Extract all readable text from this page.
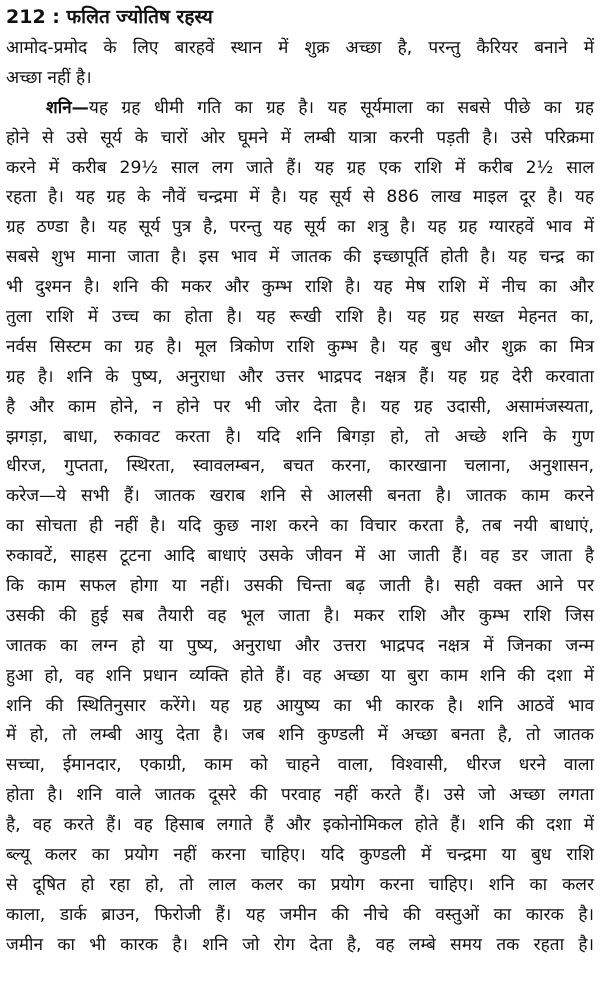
212 : फलित ज्योतिष रहस्य
आमोद-प्रमोद के लिए बारहवें स्थान में शुक्र अच्छा है, परन्तु कैरियर बनाने में
अच्छा नहीं है।
शनि—यह ग्रह धीमी गति का ग्रह है। यह सूर्यमाला का सबसे पीछे का ग्रह
होने से उसे सूर्य के चारों ओर घूमने में लम्बी यात्रा करनी पड़ती है। उसे परिक्रमा
करने में करीब 29½ साल लग जाते हैं। यह ग्रह एक राशि में करीब 2½ साल
रहता है। यह ग्रह के नौवें चन्द्रमा में है। यह सूर्य से 886 लाख माइल दूर है। यह
ग्रह ठण्डा है। यह सूर्य पुत्र है, परन्तु यह सूर्य का शत्रु है। यह ग्रह ग्यारहवें भाव में
सबसे शुभ माना जाता है। इस भाव में जातक की इच्छापूर्ति होती है। यह चन्द्र का
भी दुश्मन है। शनि की मकर और कुम्भ राशि है। यह मेष राशि में नीच का और
तुला राशि में उच्च का होता है। यह रूखी राशि है। यह ग्रह सख्त मेहनत का,
नर्वस सिस्टम का ग्रह है। मूल त्रिकोण राशि कुम्भ है। यह बुध और शुक्र का मित्र
ग्रह है। शनि के पुष्य, अनुराधा और उत्तर भाद्रपद नक्षत्र हैं। यह ग्रह देरी करवाता
है और काम होने, न होने पर भी जोर देता है। यह ग्रह उदासी, असामंजस्यता,
झगड़ा, बाधा, रुकावट करता है। यदि शनि बिगड़ा हो, तो अच्छे शनि के गुण
धीरज, गुप्तता, स्थिरता, स्वावलम्बन, बचत करना, कारखाना चलाना, अनुशासन,
करेज—ये सभी हैं। जातक खराब शनि से आलसी बनता है। जातक काम करने
का सोचता ही नहीं है। यदि कुछ नाश करने का विचार करता है, तब नयी बाधाएं,
रुकावटें, साहस टूटना आदि बाधाएं उसके जीवन में आ जाती हैं। वह डर जाता है
कि काम सफल होगा या नहीं। उसकी चिन्ता बढ़ जाती है। सही वक्त आने पर
उसकी की हुई सब तैयारी वह भूल जाता है। मकर राशि और कुम्भ राशि जिस
जातक का लग्न हो या पुष्य, अनुराधा और उत्तरा भाद्रपद नक्षत्र में जिनका जन्म
हुआ हो, वह शनि प्रधान व्यक्ति होते हैं। वह अच्छा या बुरा काम शनि की दशा में
शनि की स्थितिनुसार करेंगे। यह ग्रह आयुष्य का भी कारक है। शनि आठवें भाव
में हो, तो लम्बी आयु देता है। जब शनि कुण्डली में अच्छा बनता है, तो जातक
सच्चा, ईमानदार, एकाग्री, काम को चाहने वाला, विश्वासी, धीरज धरने वाला
होता है। शनि वाले जातक दूसरे की परवाह नहीं करते हैं। उसे जो अच्छा लगता
है, वह करते हैं। वह हिसाब लगाते हैं और इकोनोमिकल होते हैं। शनि की दशा में
ब्ल्यू कलर का प्रयोग नहीं करना चाहिए। यदि कुण्डली में चन्द्रमा या बुध राशि
से दूषित हो रहा हो, तो लाल कलर का प्रयोग करना चाहिए। शनि का कलर
काला, डार्क ब्राउन, फिरोजी हैं। यह जमीन की नीचे की वस्तुओं का कारक है।
जमीन का भी कारक है। शनि जो रोग देता है, वह लम्बे समय तक रहता है।
